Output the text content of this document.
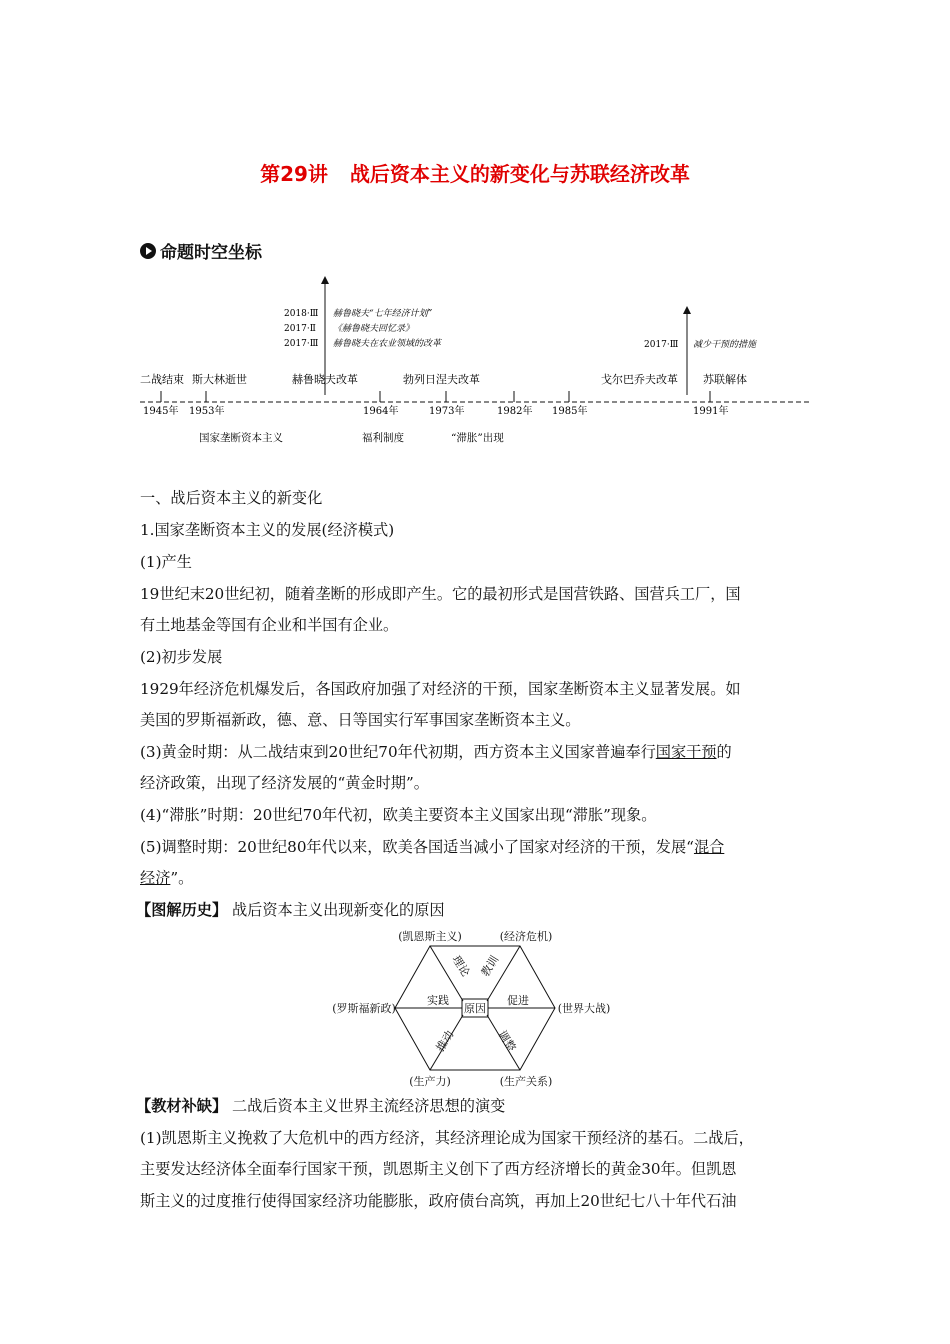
第29讲 战后资本主义的新变化与苏联经济改革
命题时空坐标
2018·Ⅲ 赫鲁晓夫“七年经济计划”
2017·Ⅱ 《赫鲁晓夫回忆录》
2017·Ⅲ 赫鲁晓夫在农业领域的改革	2017·Ⅲ 减少干预的措施
二战结束 斯大林逝世	赫鲁晓夫改革	勃列日涅夫改革	戈尔巴乔夫改革 苏联解体
1945年 1953年	1964年	1973年	1982年 1985年	1991年
国家垄断资本主义	福利制度	“滞胀”出现
一、战后资本主义的新变化
1.国家垄断资本主义的发展(经济模式)
(1)产生
19世纪末20世纪初，随着垄断的形成即产生。它的最初形式是国营铁路、国营兵工厂，国
有土地基金等国有企业和半国有企业。
(2)初步发展
1929年经济危机爆发后，各国政府加强了对经济的干预，国家垄断资本主义显著发展。如
美国的罗斯福新政，德、意、日等国实行军事国家垄断资本主义。
(3)黄金时期：从二战结束到20世纪70年代初期，西方资本主义国家普遍奉行国家干预的
经济政策，出现了经济发展的“黄金时期”。
(4)“滞胀”时期：20世纪70年代初，欧美主要资本主义国家出现“滞胀”现象。
(5)调整时期：20世纪80年代以来，欧美各国适当减小了国家对经济的干预，发展“混合
经济”。
【图解历史】 战后资本主义出现新变化的原因
原因
(凯恩斯主义)	(经济危机)
(罗斯福新政)	(世界大战)
(生产力)	(生产关系)
理论 教训
实践	促进
推动	调整
【教材补缺】 二战后资本主义世界主流经济思想的演变
(1)凯恩斯主义挽救了大危机中的西方经济，其经济理论成为国家干预经济的基石。二战后，
主要发达经济体全面奉行国家干预，凯恩斯主义创下了西方经济增长的黄金30年。但凯恩
斯主义的过度推行使得国家经济功能膨胀，政府债台高筑，再加上20世纪七八十年代石油
